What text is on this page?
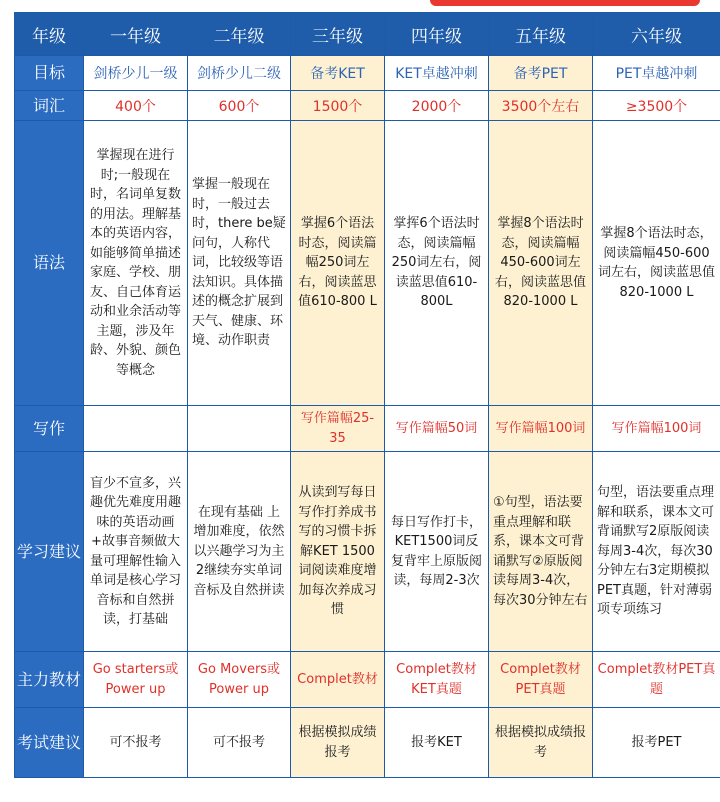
年级	一年级	二年级	三年级	四年级	五年级	六年级
目标	剑桥少儿一级	剑桥少儿二级	备考KET	KET卓越冲刺	备考PET	PET卓越冲刺
词汇	400个	600个	1500个	2000个	3500个左右	≥3500个
语法	掌握现在进行时;一般现在时，名词单复数的用法。理解基本的英语内容，如能够简单描述家庭、学校、朋友、自己体育运动和业余活动等主题，涉及年龄、外貌、颜色等概念	掌握一般现在时，一般过去时，there be疑问句，人称代词，比较级等语法知识。具体描述的概念扩展到天气、健康、环境、动作职责	掌握6个语法时态，阅读篇幅250词左右，阅读蓝思值610-800 L	掌挥6个语法时态，阅读篇幅250词左右，阅读蓝思值610-800L	掌握8个语法时态，阅读篇幅450-600词左右，阅读蓝思值820-1000 L	掌握8个语法时态，阅读篇幅450-600词左右，阅读蓝思值820-1000 L
写作			写作篇幅25-35	写作篇幅50词	写作篇幅100词	写作篇幅100词
学习建议	盲少不宣多，兴趣优先难度用趣味的英语动画+故事音频做大量可理解性输入单词是核心学习音标和自然拼读，打基础	在现有基础 上增加难度，依然以兴趣学习为主2继续夯实单词音标及自然拼读	从读到写每日写作打养成书写的习惯卡拆解KET 1500词阅读难度增加每次养成习惯	每日写作打卡，KET1500词反复背牢上原版阅读，每周2-3次	①句型，语法要重点理解和联系，课本文可背诵默写②原版阅读每周3-4次，每次30分钟左右	句型，语法要重点理解和联系，课本文可背诵默写2原版阅读每周3-4次，每次30分钟左右3定期模拟PET真题，针对薄弱项专项练习
主力教材	Go starters或Power up	Go Movers或Power up	Complet教材	Complet教材KET真题	Complet教材PET真题	Complet教材PET真题
考试建议	可不报考	可不报考	根据模拟成绩报考	报考KET	根据模拟成绩报考	报考PET
